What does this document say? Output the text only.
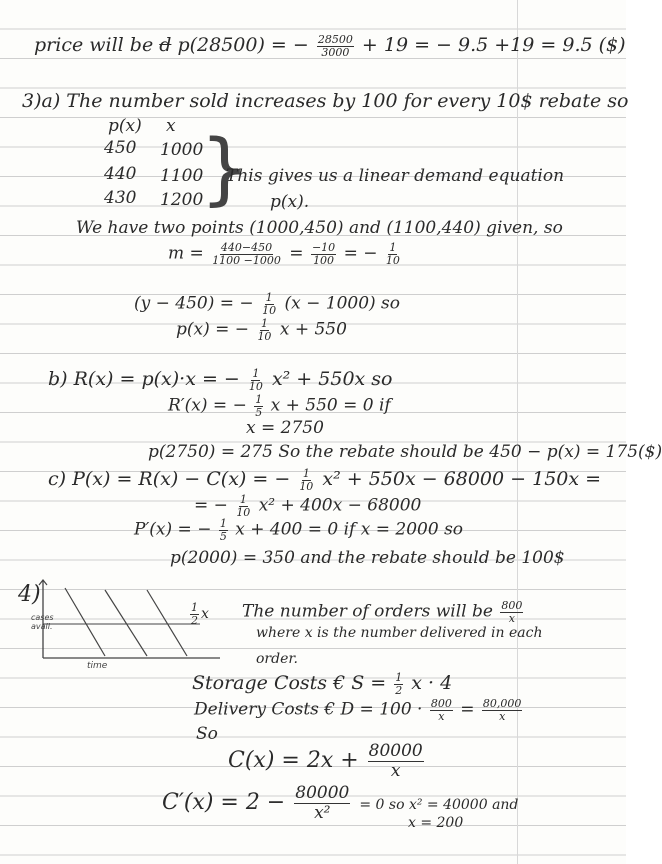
price will be d p(28500) = − $\frac{28500}{3000} + 19$ = − 9.5 +19 = 9.5 ($)
3)a) The number sold increases by 100 for every 10$ rebate so
p(x) x
450 1000
440 1100
430 1200
}
This gives us a linear demand equation
p(x).
We have two points (1000,450) and (1100,440) given, so
$m = \frac{440-450}{1100 -1000} = \frac{-10}{100}$ = − $\frac{1}{10}$
(y − 450) = − $\frac{1}{10} (x - 1000)$ so
p(x) = − $\frac{1}{10}$ x + 550
b) R(x) = p(x)·x = − $\frac{1}{10} x^2 + 550x$ so
R′(x) = − $\frac{1}{5}$ x + 550 = 0 if
x = 2750
p(2750) = 275 So the rebate should be 450 − p(x) = 175($)
c) P(x) = R(x) − C(x) = − $\frac{1}{10} x^2 + 550x - 68000 - 150x$ =
= − $\frac{1}{10} x^2 + 400x - 68000$
P′(x) = − $\frac{1}{5}$ x + 400 = 0 if x = 2000 so
p(2000) = 350 and the rebate should be 100$
4)
cases
avail.
time
$\frac{1}{2}$ x The number of orders will be $\frac{800}{x}$
where x is the number delivered in each
order.
Storage Costs € $S = \frac{1}{2}$ x · 4
Delivery Costs € $D = 100 \cdot \frac{800}{x} = \frac{80,000}{x}$
So
$C(x) = 2x + \frac{80000}{x}$
$C'(x) = 2 - \frac{80000}{\text{x²}} = 0$ so x² = 40000 and
x = 200
